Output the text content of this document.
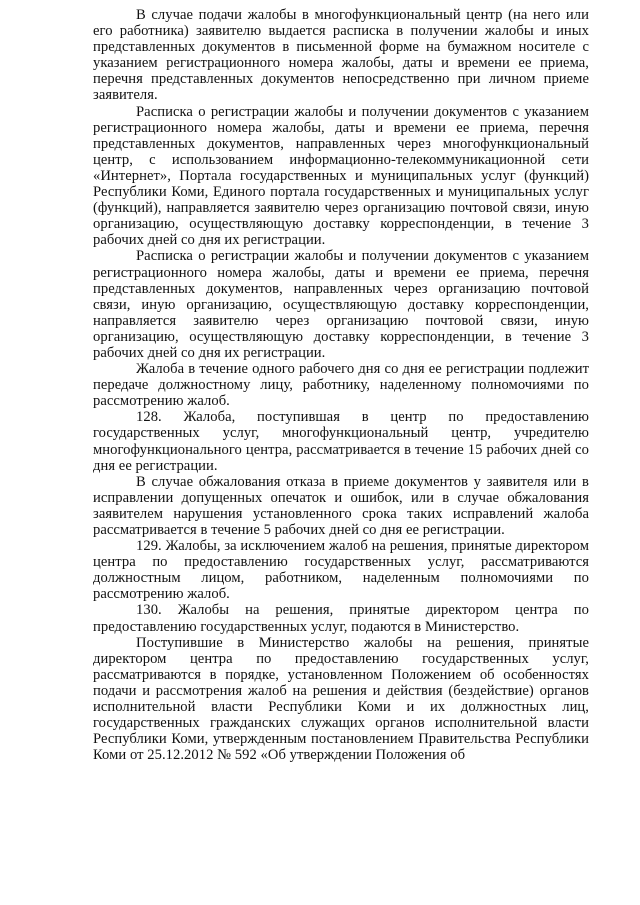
В случае подачи жалобы в многофункциональный центр (на него или его работника) заявителю выдается расписка в получении жалобы и иных представленных документов в письменной форме на бумажном носителе с указанием регистрационного номера жалобы, даты и времени ее приема, перечня представленных документов непосредственно при личном приеме заявителя.

Расписка о регистрации жалобы и получении документов с указанием регистрационного номера жалобы, даты и времени ее приема, перечня представленных документов, направленных через многофункциональный центр, с использованием информационно-телекоммуникационной сети «Интернет», Портала государственных и муниципальных услуг (функций) Республики Коми, Единого портала государственных и муниципальных услуг (функций), направляется заявителю через организацию почтовой связи, иную организацию, осуществляющую доставку корреспонденции, в течение 3 рабочих дней со дня их регистрации.

Расписка о регистрации жалобы и получении документов с указанием регистрационного номера жалобы, даты и времени ее приема, перечня представленных документов, направленных через организацию почтовой связи, иную организацию, осуществляющую доставку корреспонденции, направляется заявителю через организацию почтовой связи, иную организацию, осуществляющую доставку корреспонденции, в течение 3 рабочих дней со дня их регистрации.

Жалоба в течение одного рабочего дня со дня ее регистрации подлежит передаче должностному лицу, работнику, наделенному полномочиями по рассмотрению жалоб.

128. Жалоба, поступившая в центр по предоставлению государственных услуг, многофункциональный центр, учредителю многофункционального центра, рассматривается в течение 15 рабочих дней со дня ее регистрации.

В случае обжалования отказа в приеме документов у заявителя или в исправлении допущенных опечаток и ошибок, или в случае обжалования заявителем нарушения установленного срока таких исправлений жалоба рассматривается в течение 5 рабочих дней со дня ее регистрации.

129. Жалобы, за исключением жалоб на решения, принятые директором центра по предоставлению государственных услуг, рассматриваются должностным лицом, работником, наделенным полномочиями по рассмотрению жалоб.

130. Жалобы на решения, принятые директором центра по предоставлению государственных услуг, подаются в Министерство.

Поступившие в Министерство жалобы на решения, принятые директором центра по предоставлению государственных услуг, рассматриваются в порядке, установленном Положением об особенностях подачи и рассмотрения жалоб на решения и действия (бездействие) органов исполнительной власти Республики Коми и их должностных лиц, государственных гражданских служащих органов исполнительной власти Республики Коми, утвержденным постановлением Правительства Республики Коми от 25.12.2012 № 592 «Об утверждении Положения об
